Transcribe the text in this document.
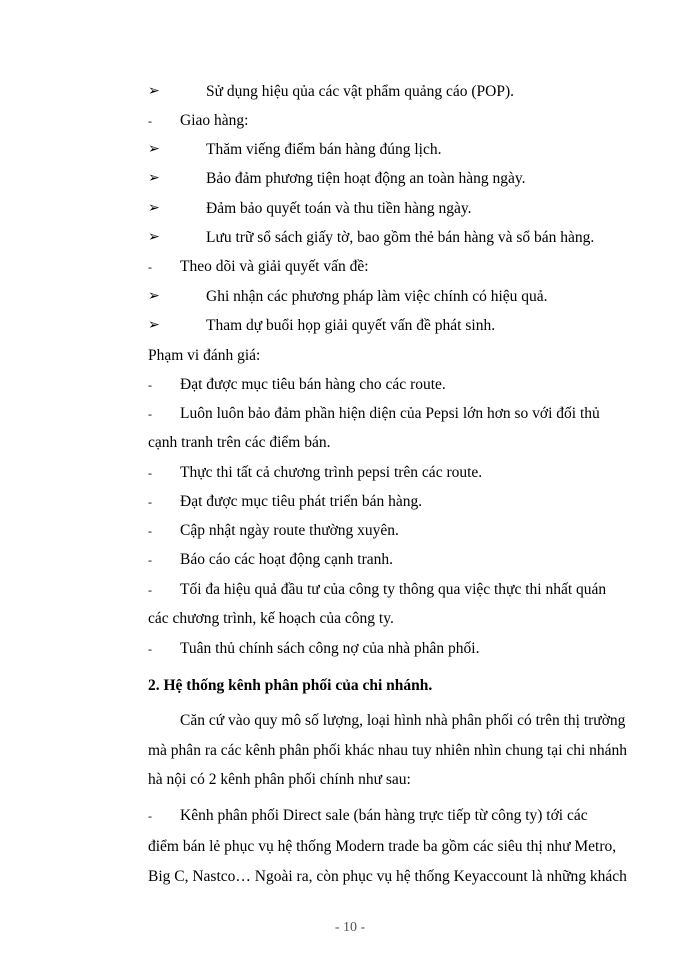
➢	Sử dụng hiệu qủa các vật phẩm quảng cáo (POP).
- Giao hàng:
➢	Thăm viếng điểm bán hàng đúng lịch.
➢	Bảo đảm phương tiện hoạt động an toàn hàng ngày.
➢	Đảm bảo quyết toán và thu tiền hàng ngày.
➢	Lưu trữ sổ sách giấy tờ, bao gồm thẻ bán hàng và sổ bán hàng.
- Theo dõi và giải quyết vấn đề:
➢	Ghi nhận các phương pháp làm việc chính có hiệu quả.
➢	Tham dự buổi họp giải quyết vấn đề phát sinh.
Phạm vi đánh giá:
- Đạt được mục tiêu bán hàng cho các route.
- Luôn luôn bảo đảm phần hiện diện của Pepsi lớn hơn so với đối thủ
cạnh tranh trên các điểm bán.
- Thực thi tất cả chương trình pepsi trên các route.
- Đạt được mục tiêu phát triển bán hàng.
- Cập nhật ngày route thường xuyên.
- Báo cáo các hoạt động cạnh tranh.
- Tối đa hiệu quả đầu tư của công ty thông qua việc thực thi nhất quán
các chương trình, kế hoạch của công ty.
- Tuân thủ chính sách công nợ của nhà phân phối.
2. Hệ thống kênh phân phối của chi nhánh.
Căn cứ vào quy mô số lượng, loại hình nhà phân phối có trên thị trường
mà phân ra các kênh phân phối khác nhau tuy nhiên nhìn chung tại chi nhánh
hà nội có 2 kênh phân phối chính như sau:
- Kênh phân phối Direct sale (bán hàng trực tiếp từ công ty) tới các
điểm bán lẻ phục vụ hệ thống Modern trade ba gồm các siêu thị như Metro,
Big C, Nastco… Ngoài ra, còn phục vụ hệ thống Keyaccount là những khách
- 10 -
